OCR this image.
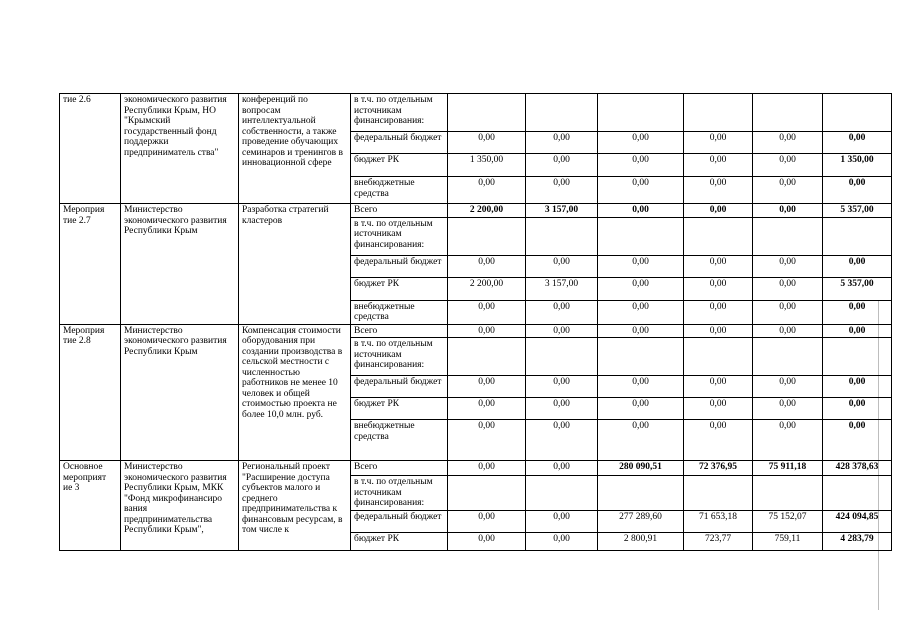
тие 2.6	экономического развития Республики Крым, НО "Крымский государственный фонд поддержки предприниматель ства"	конференций по вопросам интеллектуальной собственности, а также проведение обучающих семинаров и тренингов в инновационной сфере	в т.ч. по отдельным источникам финансирования:						
			федеральный бюджет	0,00	0,00	0,00	0,00	0,00	0,00
			бюджет РК	1 350,00	0,00	0,00	0,00	0,00	1 350,00
			внебюджетные средства	0,00	0,00	0,00	0,00	0,00	0,00
Мероприя тие 2.7	Министерство экономического развития Республики Крым	Разработка стратегий кластеров	Всего	2 200,00	3 157,00	0,00	0,00	0,00	5 357,00
			в т.ч. по отдельным источникам финансирования:						
			федеральный бюджет	0,00	0,00	0,00	0,00	0,00	0,00
			бюджет РК	2 200,00	3 157,00	0,00	0,00	0,00	5 357,00
			внебюджетные средства	0,00	0,00	0,00	0,00	0,00	0,00
Мероприя тие 2.8	Министерство экономического развития Республики Крым	Компенсация стоимости оборудования при создании производства в сельской местности с численностью работников не менее 10 человек и общей стоимостью проекта не более 10,0 млн. руб.	Всего	0,00	0,00	0,00	0,00	0,00	0,00
			в т.ч. по отдельным источникам финансирования:						
			федеральный бюджет	0,00	0,00	0,00	0,00	0,00	0,00
			бюджет РК	0,00	0,00	0,00	0,00	0,00	0,00
			внебюджетные средства	0,00	0,00	0,00	0,00	0,00	0,00
Основное мероприят ие 3	Министерство экономического развития Республики Крым, МКК "Фонд микрофинансиро вания предпринимательства Республики Крым",	Региональный проект "Расширение доступа субъектов малого и среднего предпринимательства к финансовым ресурсам, в том числе к	Всего	0,00	0,00	280 090,51	72 376,95	75 911,18	428 378,63
			в т.ч. по отдельным источникам финансирования:						
			федеральный бюджет	0,00	0,00	277 289,60	71 653,18	75 152,07	424 094,85
			бюджет РК	0,00	0,00	2 800,91	723,77	759,11	4 283,79
